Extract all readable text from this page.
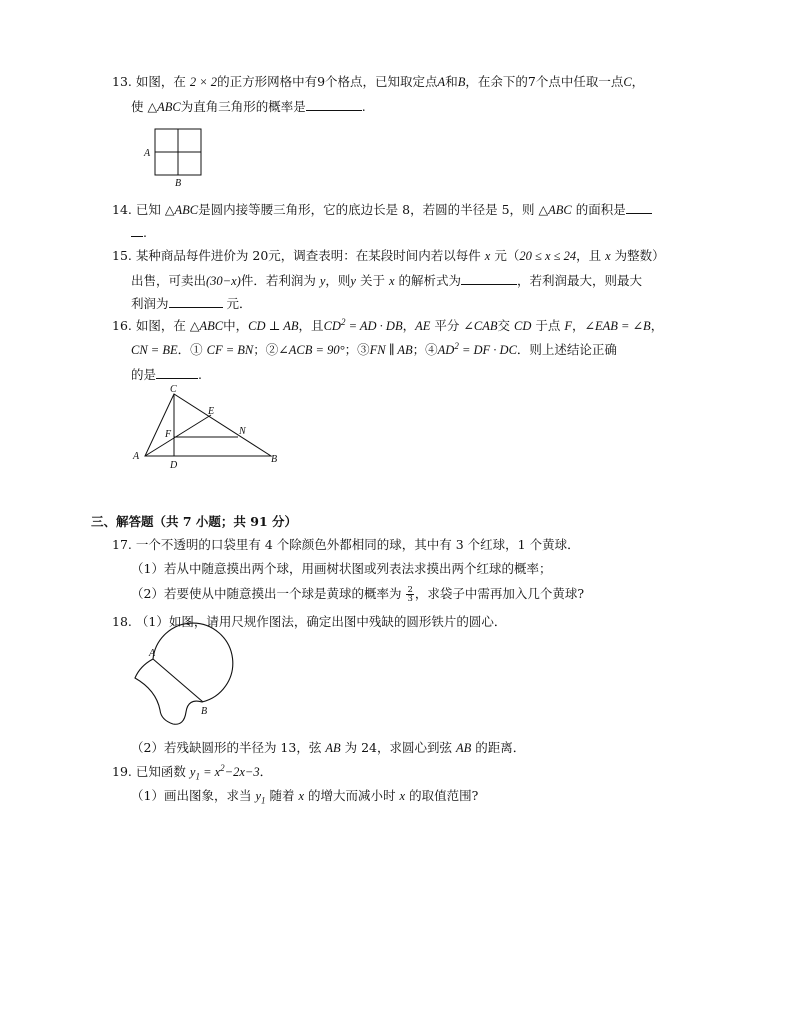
13. 如图，在 2 × 2的正方形网格中有9个格点，已知取定点A和B，在余下的7个点中任取一点C，
使 △ABC为直角三角形的概率是	.
A
B
14. 已知 △ABC是圆内接等腰三角形，它的底边长是 8，若圆的半径是 5，则 △ABC 的面积是
.
15. 某种商品每件进价为 20元，调查表明：在某段时间内若以每件 x 元（20 ≤ x ≤ 24，且 x 为整数）
出售，可卖出(30−x)件．若利润为 y，则y 关于 x 的解析式为	，若利润最大，则最大
利润为	元．
16. 如图，在 △ABC中，CD ⊥ AB，且$CD^2$ = AD · DB，AE 平分 ∠CAB交 CD 于点 F，∠EAB = ∠B，
CN = BE．① CF = BN；②∠ACB = 90°；③FN ∥ AB；$④AD^2$ = DF · DC．则上述结论正确
的是	.
C
E
F	N
A
D
B
三、解答题（共 7 小题；共 91 分）
17. 一个不透明的口袋里有 4 个除颜色外都相同的球，其中有 3 个红球，1 个黄球．
（1）若从中随意摸出两个球，用画树状图或列表法求摸出两个红球的概率；
（2）若要使从中随意摸出一个球是黄球的概率为 $\frac{2}{3}$ ，求袋子中需再加入几个黄球?
18. （1）如图，请用尺规作图法，确定出图中残缺的圆形铁片的圆心．
A
B
（2）若残缺圆形的半径为 13，弦 AB 为 24，求圆心到弦 AB 的距离．
19. 已知函数 $y_1 = x^2-2x-3$．
（1）画出图象，求当 $y_1$ 随着 x 的增大而减小时 x 的取值范围?
